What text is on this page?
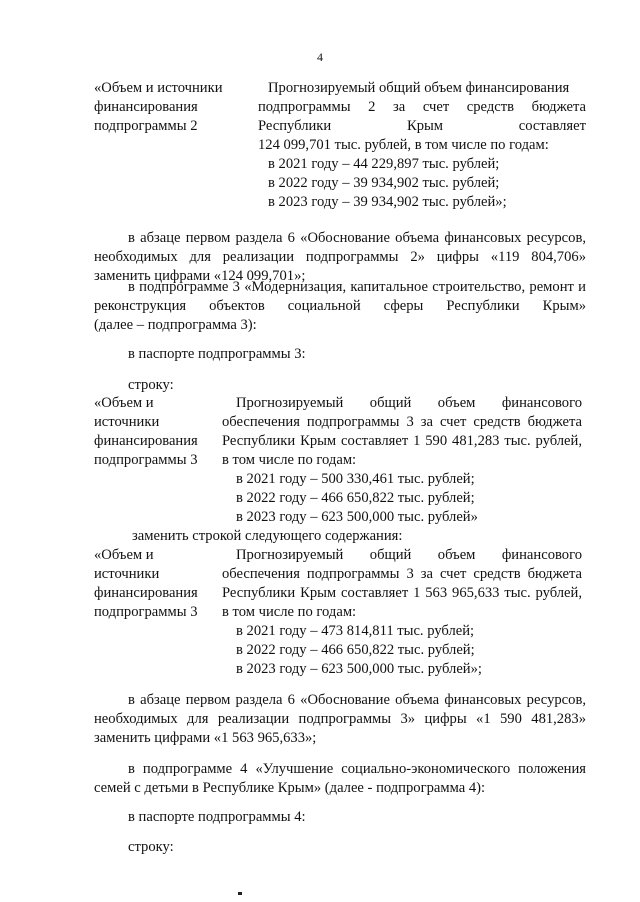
4
«Объем и источники
финансирования
подпрограммы 2
Прогнозируемый общий объем финансирования
подпрограммы 2 за счет средств бюджета
Республики Крым составляет
124 099,701 тыс. рублей, в том числе по годам:
в 2021 году – 44 229,897 тыс. рублей;
в 2022 году – 39 934,902 тыс. рублей;
в 2023 году – 39 934,902 тыс. рублей»;
в абзаце первом раздела 6 «Обоснование объема финансовых ресурсов,
необходимых для реализации подпрограммы 2» цифры «119 804,706»
заменить цифрами «124 099,701»;
в подпрограмме 3 «Модернизация, капитальное строительство, ремонт и
реконструкция объектов социальной сферы Республики Крым»
(далее – подпрограмма 3):
в паспорте подпрограммы 3:
строку:
«Объем и
источники
финансирования
подпрограммы 3
Прогнозируемый общий объем финансового
обеспечения подпрограммы 3 за счет средств бюджета
Республики Крым составляет 1 590 481,283 тыс. рублей,
в том числе по годам:
в 2021 году – 500 330,461 тыс. рублей;
в 2022 году – 466 650,822 тыс. рублей;
в 2023 году – 623 500,000 тыс. рублей»
заменить строкой следующего содержания:
«Объем и
источники
финансирования
подпрограммы 3
Прогнозируемый общий объем финансового
обеспечения подпрограммы 3 за счет средств бюджета
Республики Крым составляет 1 563 965,633 тыс. рублей,
в том числе по годам:
в 2021 году – 473 814,811 тыс. рублей;
в 2022 году – 466 650,822 тыс. рублей;
в 2023 году – 623 500,000 тыс. рублей»;
в абзаце первом раздела 6 «Обоснование объема финансовых ресурсов,
необходимых для реализации подпрограммы 3» цифры «1 590 481,283»
заменить цифрами «1 563 965,633»;
в подпрограмме 4 «Улучшение социально-экономического положения
семей с детьми в Республике Крым» (далее - подпрограмма 4):
в паспорте подпрограммы 4:
строку:
